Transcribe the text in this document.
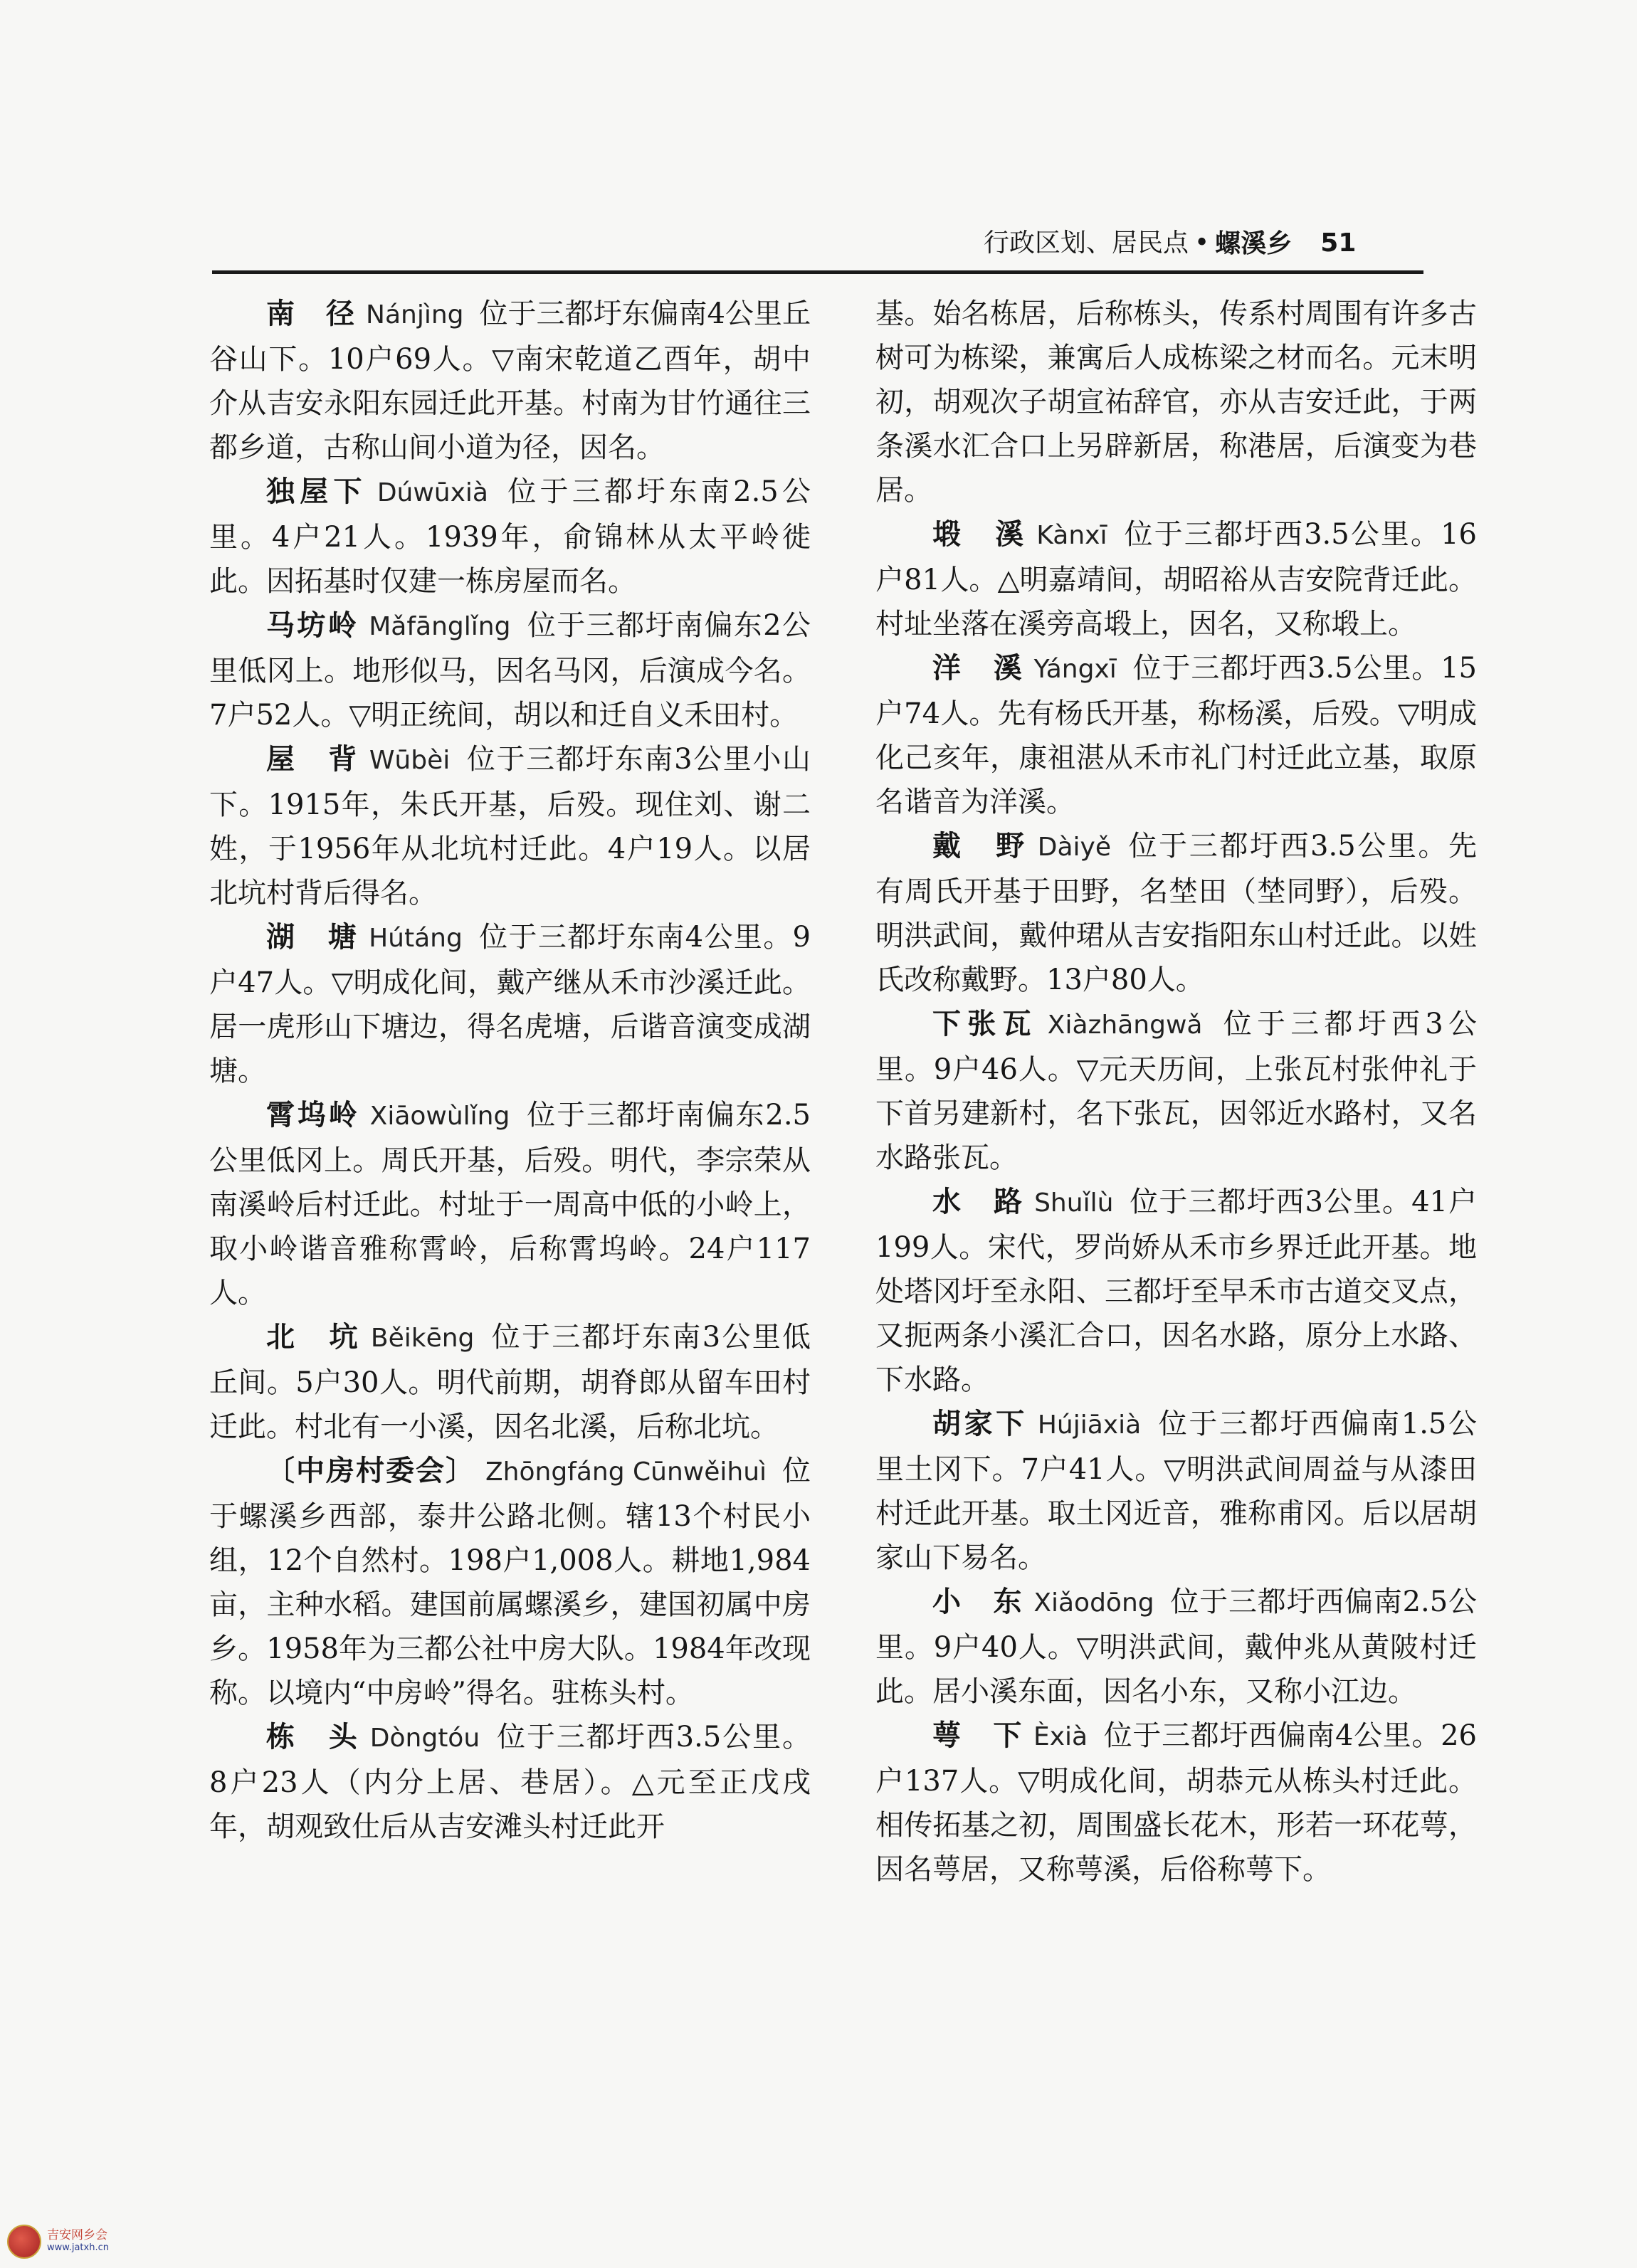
行政区划、居民点 • 螺溪乡 51

南　径 Nánjìng 位于三都圩东偏南4公里丘谷山下。10户69人。▽南宋乾道乙酉年，胡中介从吉安永阳东园迁此开基。村南为甘竹通往三都乡道，古称山间小道为径，因名。

独屋下 Dúwūxià 位于三都圩东南2.5公里。4户21人。1939年，俞锦林从太平岭徙此。因拓基时仅建一栋房屋而名。

马坊岭 Mǎfānglǐng 位于三都圩南偏东2公里低冈上。地形似马，因名马冈，后演成今名。7户52人。▽明正统间，胡以和迁自义禾田村。

屋　背 Wūbèi 位于三都圩东南3公里小山下。1915年，朱氏开基，后殁。现住刘、谢二姓，于1956年从北坑村迁此。4户19人。以居北坑村背后得名。

湖　塘 Hútáng 位于三都圩东南4公里。9户47人。▽明成化间，戴产继从禾市沙溪迁此。居一虎形山下塘边，得名虎塘，后谐音演变成湖塘。

霄坞岭 Xiāowùlǐng 位于三都圩南偏东2.5公里低冈上。周氏开基，后殁。明代，李宗荣从南溪岭后村迁此。村址于一周高中低的小岭上，取小岭谐音雅称霄岭，后称霄坞岭。24户117人。

北　坑 Běikēng 位于三都圩东南3公里低丘间。5户30人。明代前期，胡脊郎从留车田村迁此。村北有一小溪，因名北溪，后称北坑。

〔中房村委会〕 Zhōngfáng Cūnwěihuì 位于螺溪乡西部，泰井公路北侧。辖13个村民小组，12个自然村。198户1,008人。耕地1,984亩，主种水稻。建国前属螺溪乡，建国初属中房乡。1958年为三都公社中房大队。1984年改现称。以境内“中房岭”得名。驻栋头村。

栋　头 Dòngtóu 位于三都圩西3.5公里。8户23人（内分上居、巷居）。△元至正戊戌年，胡观致仕后从吉安滩头村迁此开

基。始名栋居，后称栋头，传系村周围有许多古树可为栋梁，兼寓后人成栋梁之材而名。元末明初，胡观次子胡宣祐辞官，亦从吉安迁此，于两条溪水汇合口上另辟新居，称港居，后演变为巷居。

塅　溪 Kànxī 位于三都圩西3.5公里。16户81人。△明嘉靖间，胡昭裕从吉安院背迁此。村址坐落在溪旁高塅上，因名，又称塅上。

洋　溪 Yángxī 位于三都圩西3.5公里。15户74人。先有杨氏开基，称杨溪，后殁。▽明成化己亥年，康祖湛从禾市礼门村迁此立基，取原名谐音为洋溪。

戴　野 Dàiyě 位于三都圩西3.5公里。先有周氏开基于田野，名埜田（埜同野），后殁。明洪武间，戴仲珺从吉安指阳东山村迁此。以姓氏改称戴野。13户80人。

下张瓦 Xiàzhāngwǎ 位于三都圩西3公里。9户46人。▽元天历间，上张瓦村张仲礼于下首另建新村，名下张瓦，因邻近水路村，又名水路张瓦。

水　路 Shuǐlù 位于三都圩西3公里。41户199人。宋代，罗尚娇从禾市乡界迁此开基。地处塔冈圩至永阳、三都圩至早禾市古道交叉点，又扼两条小溪汇合口，因名水路，原分上水路、下水路。

胡家下 Hújiāxià 位于三都圩西偏南1.5公里土冈下。7户41人。▽明洪武间周益与从漆田村迁此开基。取土冈近音，雅称甫冈。后以居胡家山下易名。

小　东 Xiǎodōng 位于三都圩西偏南2.5公里。9户40人。▽明洪武间，戴仲兆从黄陂村迁此。居小溪东面，因名小东，又称小江边。

萼　下 Èxià 位于三都圩西偏南4公里。26户137人。▽明成化间，胡恭元从栋头村迁此。相传拓基之初，周围盛长花木，形若一环花萼，因名萼居，又称萼溪，后俗称萼下。

吉安网乡会
www.jatxh.cn
